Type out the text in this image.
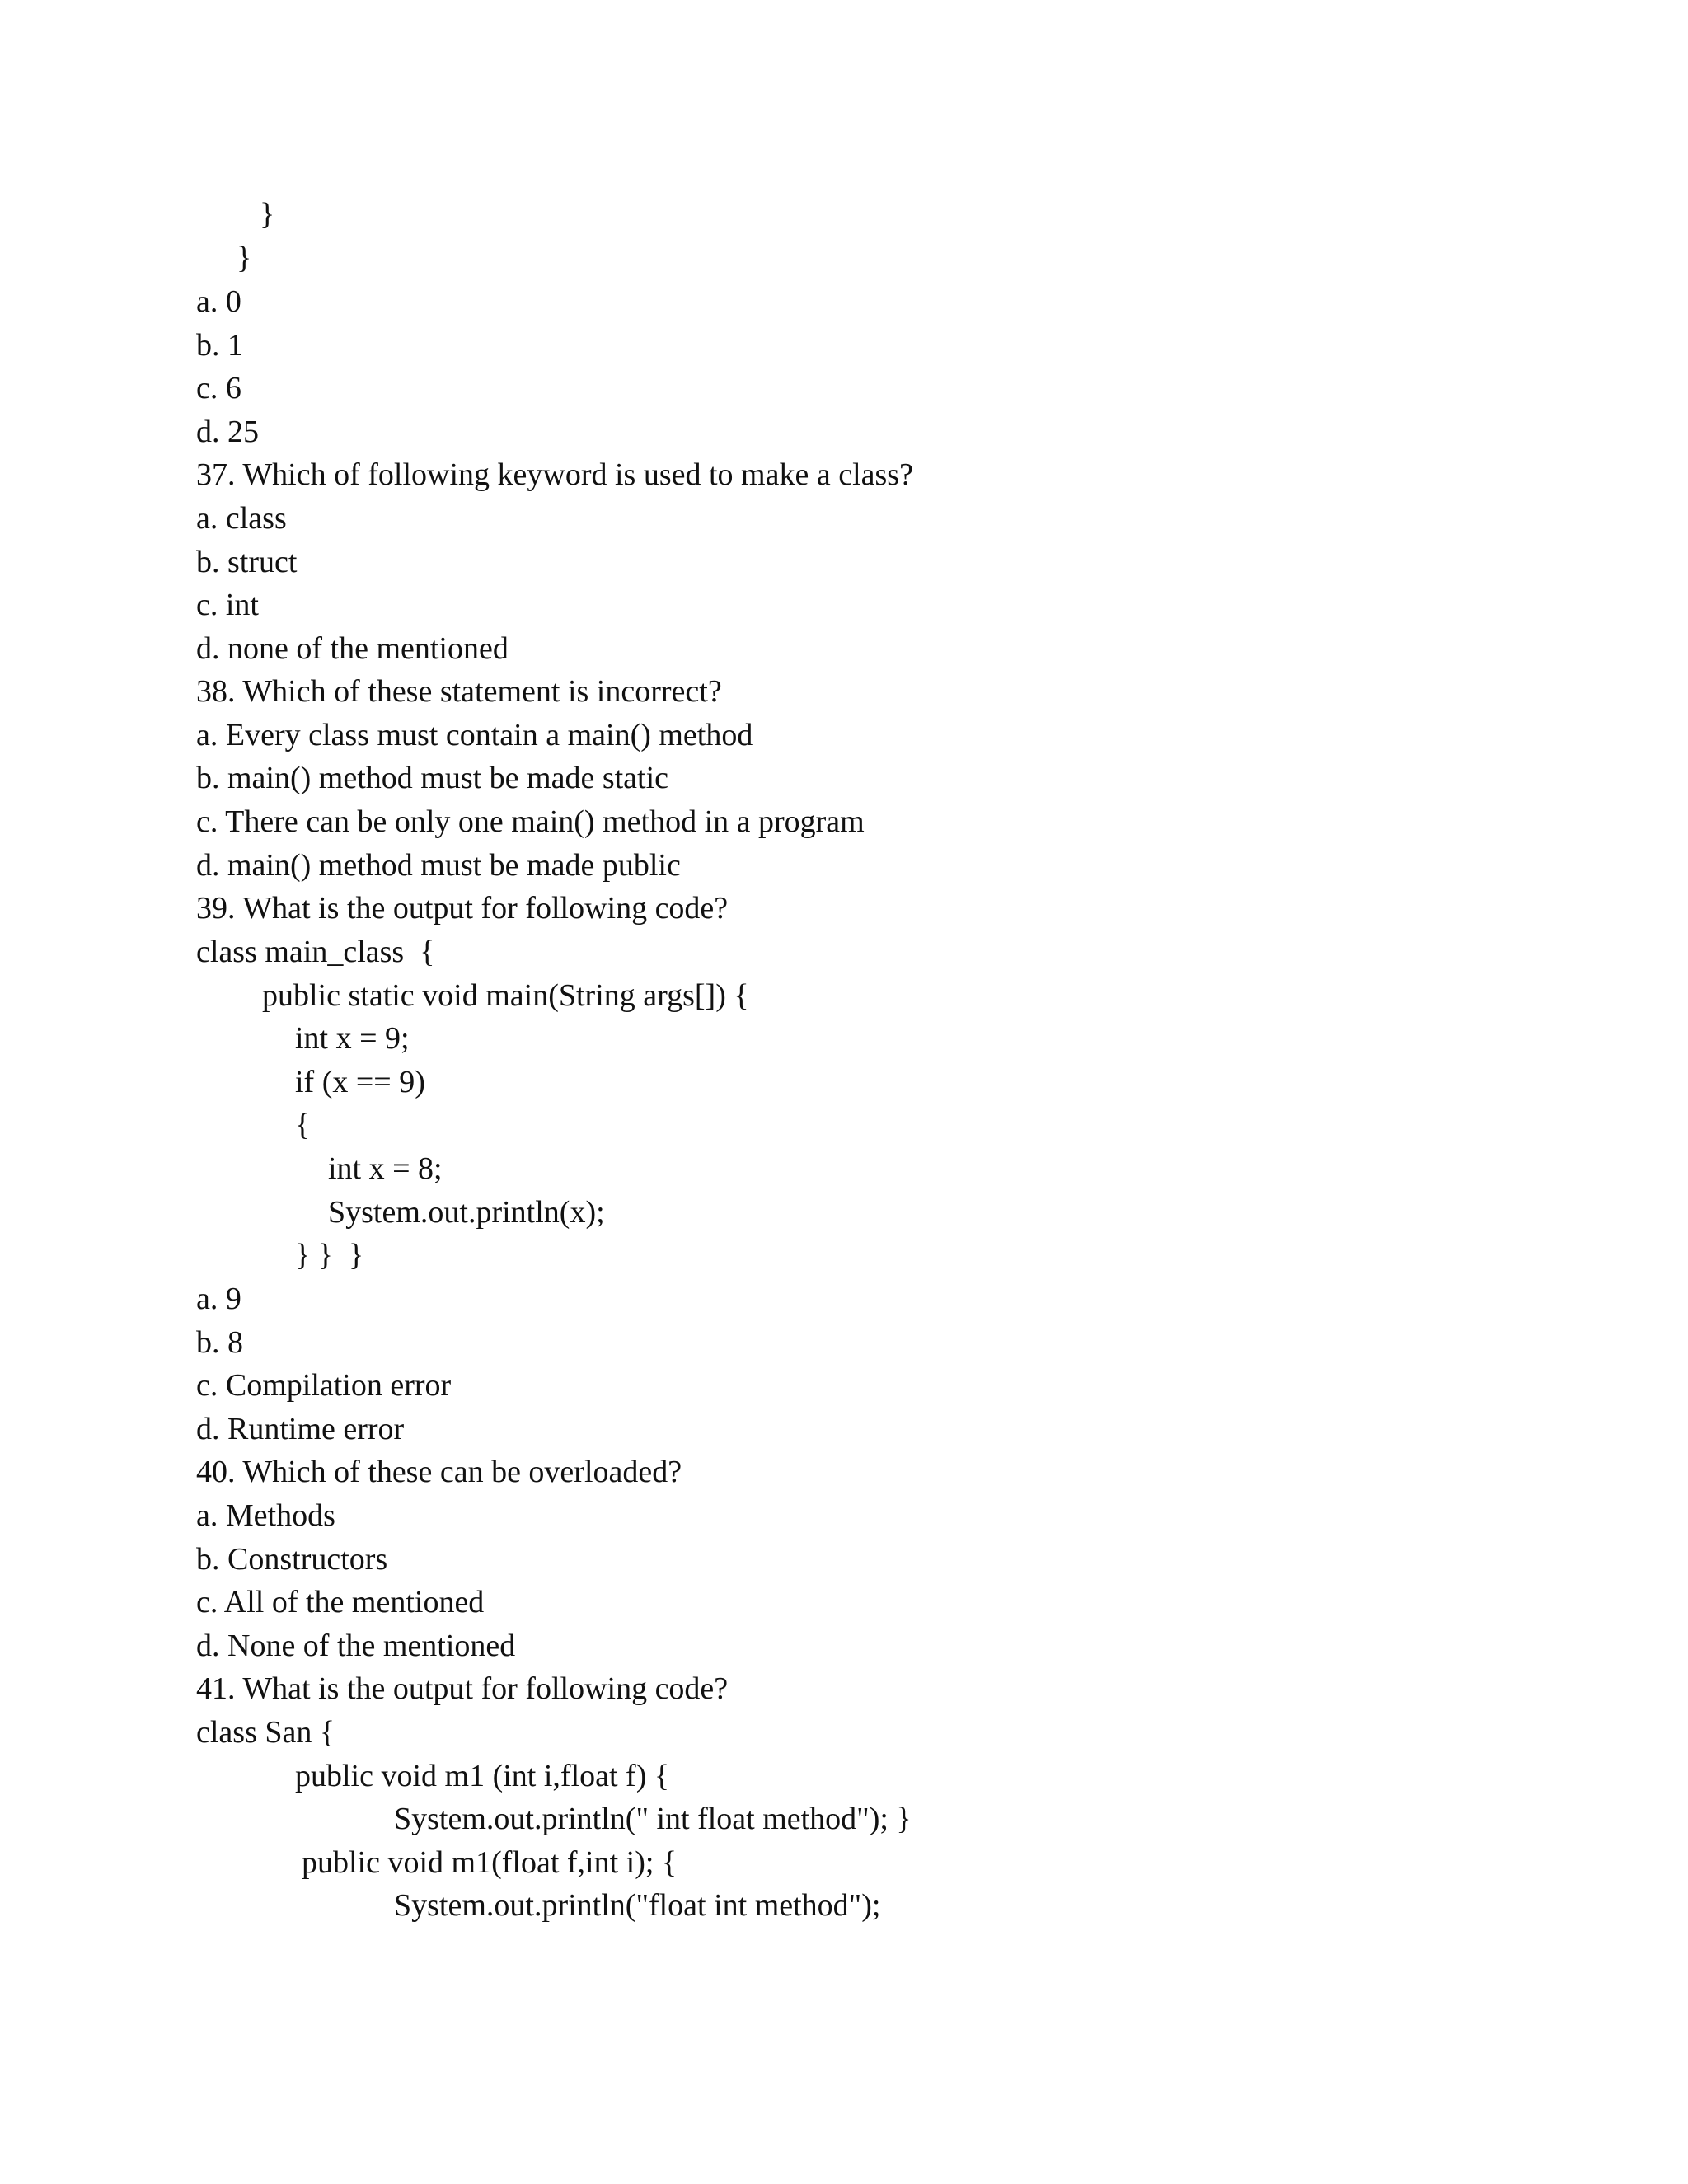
}
}
a. 0
b. 1
c. 6
d. 25
37. Which of following keyword is used to make a class?
a. class
b. struct
c. int
d. none of the mentioned
38. Which of these statement is incorrect?
a. Every class must contain a main() method
b. main() method must be made static
c. There can be only one main() method in a program
d. main() method must be made public
39. What is the output for following code?
class main_class  {
public static void main(String args[]) {
int x = 9;
if (x == 9)
{
int x = 8;
System.out.println(x);
} }  }
a. 9
b. 8
c. Compilation error
d. Runtime error
40. Which of these can be overloaded?
a. Methods
b. Constructors
c. All of the mentioned
d. None of the mentioned
41. What is the output for following code?
class San {
public void m1 (int i,float f) {
System.out.println(" int float method"); }
public void m1(float f,int i); {
System.out.println("float int method");
